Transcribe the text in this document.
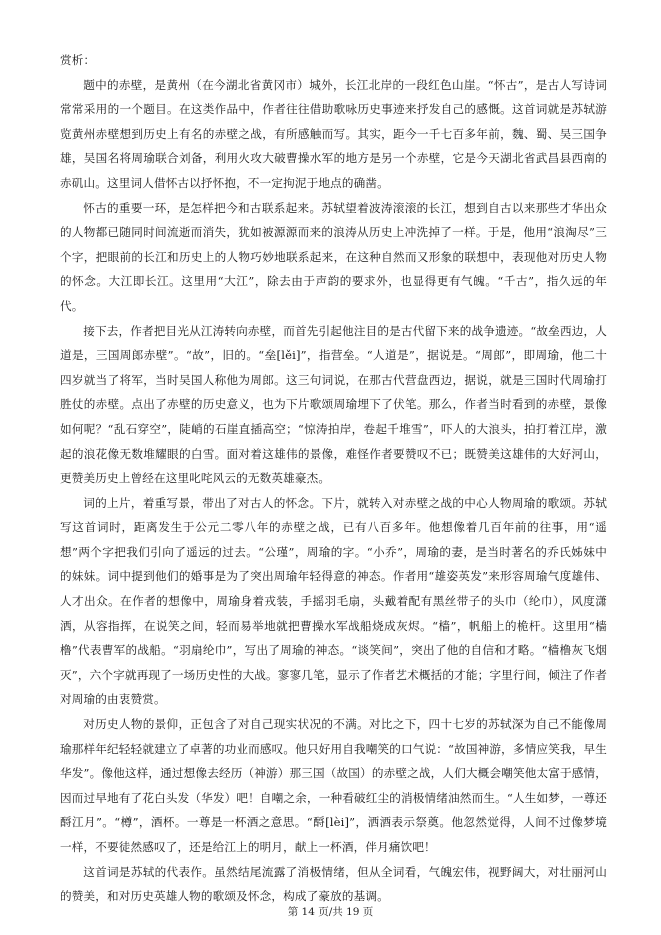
赏析：

题中的赤壁，是黄州（在今湖北省黄冈市）城外，长江北岸的一段红色山崖。“怀古”，是古人写诗词常常采用的一个题目。在这类作品中，作者往往借助歌咏历史事迹来抒发自己的感慨。这首词就是苏轼游览黄州赤壁想到历史上有名的赤壁之战，有所感触而写。其实，距今一千七百多年前，魏、蜀、吴三国争雄，吴国名将周瑜联合刘备，利用火攻大破曹操水军的地方是另一个赤壁，它是今天湖北省武昌县西南的赤矶山。这里词人借怀古以抒怀抱，不一定拘泥于地点的确凿。

怀古的重要一环，是怎样把今和古联系起来。苏轼望着波涛滚滚的长江，想到自古以来那些才华出众的人物都已随同时间流逝而消失，犹如被源源而来的浪涛从历史上冲洗掉了一样。于是，他用“浪淘尽”三个字，把眼前的长江和历史上的人物巧妙地联系起来，在这种自然而又形象的联想中，表现他对历史人物的怀念。大江即长江。这里用“大江”，除去由于声韵的要求外，也显得更有气魄。“千古”，指久远的年代。

接下去，作者把目光从江涛转向赤壁，而首先引起他注目的是古代留下来的战争遗迹。“故垒西边，人道是，三国周郎赤壁”。“故”，旧的。“垒[lěi]”，指营垒。“人道是”，据说是。“周郎”，即周瑜，他二十四岁就当了将军，当时吴国人称他为周郎。这三句词说，在那古代营盘西边，据说，就是三国时代周瑜打胜仗的赤壁。点出了赤壁的历史意义，也为下片歌颂周瑜埋下了伏笔。那么，作者当时看到的赤壁，景像如何呢？“乱石穿空”，陡峭的石崖直插高空；“惊涛拍岸，卷起千堆雪”，吓人的大浪头，拍打着江岸，激起的浪花像无数堆耀眼的白雪。面对着这雄伟的景像，难怪作者要赞叹不已；既赞美这雄伟的大好河山，更赞美历史上曾经在这里叱咤风云的无数英雄豪杰。

词的上片，着重写景，带出了对古人的怀念。下片，就转入对赤壁之战的中心人物周瑜的歌颂。苏轼写这首词时，距离发生于公元二零八年的赤壁之战，已有八百多年。他想像着几百年前的往事，用“遥想”两个字把我们引向了遥远的过去。“公瑾”，周瑜的字。“小乔”，周瑜的妻，是当时著名的乔氏姊妹中的妹妹。词中提到他们的婚事是为了突出周瑜年轻得意的神态。作者用“雄姿英发”来形容周瑜气度雄伟、人才出众。在作者的想像中，周瑜身着戎装，手摇羽毛扇，头戴着配有黑丝带子的头巾（纶巾），风度潇洒，从容指挥，在说笑之间，轻而易举地就把曹操水军战船烧成灰烬。“樯”，帆船上的桅杆。这里用“樯橹”代表曹军的战船。“羽扇纶巾”，写出了周瑜的神态。“谈笑间”，突出了他的自信和才略。“樯橹灰飞烟灭”，六个字就再现了一场历史性的大战。寥寥几笔，显示了作者艺术概括的才能；字里行间，倾注了作者对周瑜的由衷赞赏。

对历史人物的景仰，正包含了对自己现实状况的不满。对比之下，四十七岁的苏轼深为自己不能像周瑜那样年纪轻轻就建立了卓著的功业而感叹。他只好用自我嘲笑的口气说：“故国神游，多情应笑我，早生华发”。像他这样，通过想像去经历（神游）那三国（故国）的赤壁之战，人们大概会嘲笑他太富于感情，因而过早地有了花白头发（华发）吧！自嘲之余，一种看破红尘的消极情绪油然而生。“人生如梦，一尊还酹江月”。“樽”，酒杯。一尊是一杯酒之意思。“酹[lèi]”，洒酒表示祭奠。他忽然觉得，人间不过像梦境一样，不要徒然感叹了，还是给江上的明月，献上一杯酒，伴月痛饮吧！

这首词是苏轼的代表作。虽然结尾流露了消极情绪，但从全词看，气魄宏伟，视野阔大，对壮丽河山的赞美，和对历史英雄人物的歌颂及怀念，构成了豪放的基调。

第 14 页/共 19 页
